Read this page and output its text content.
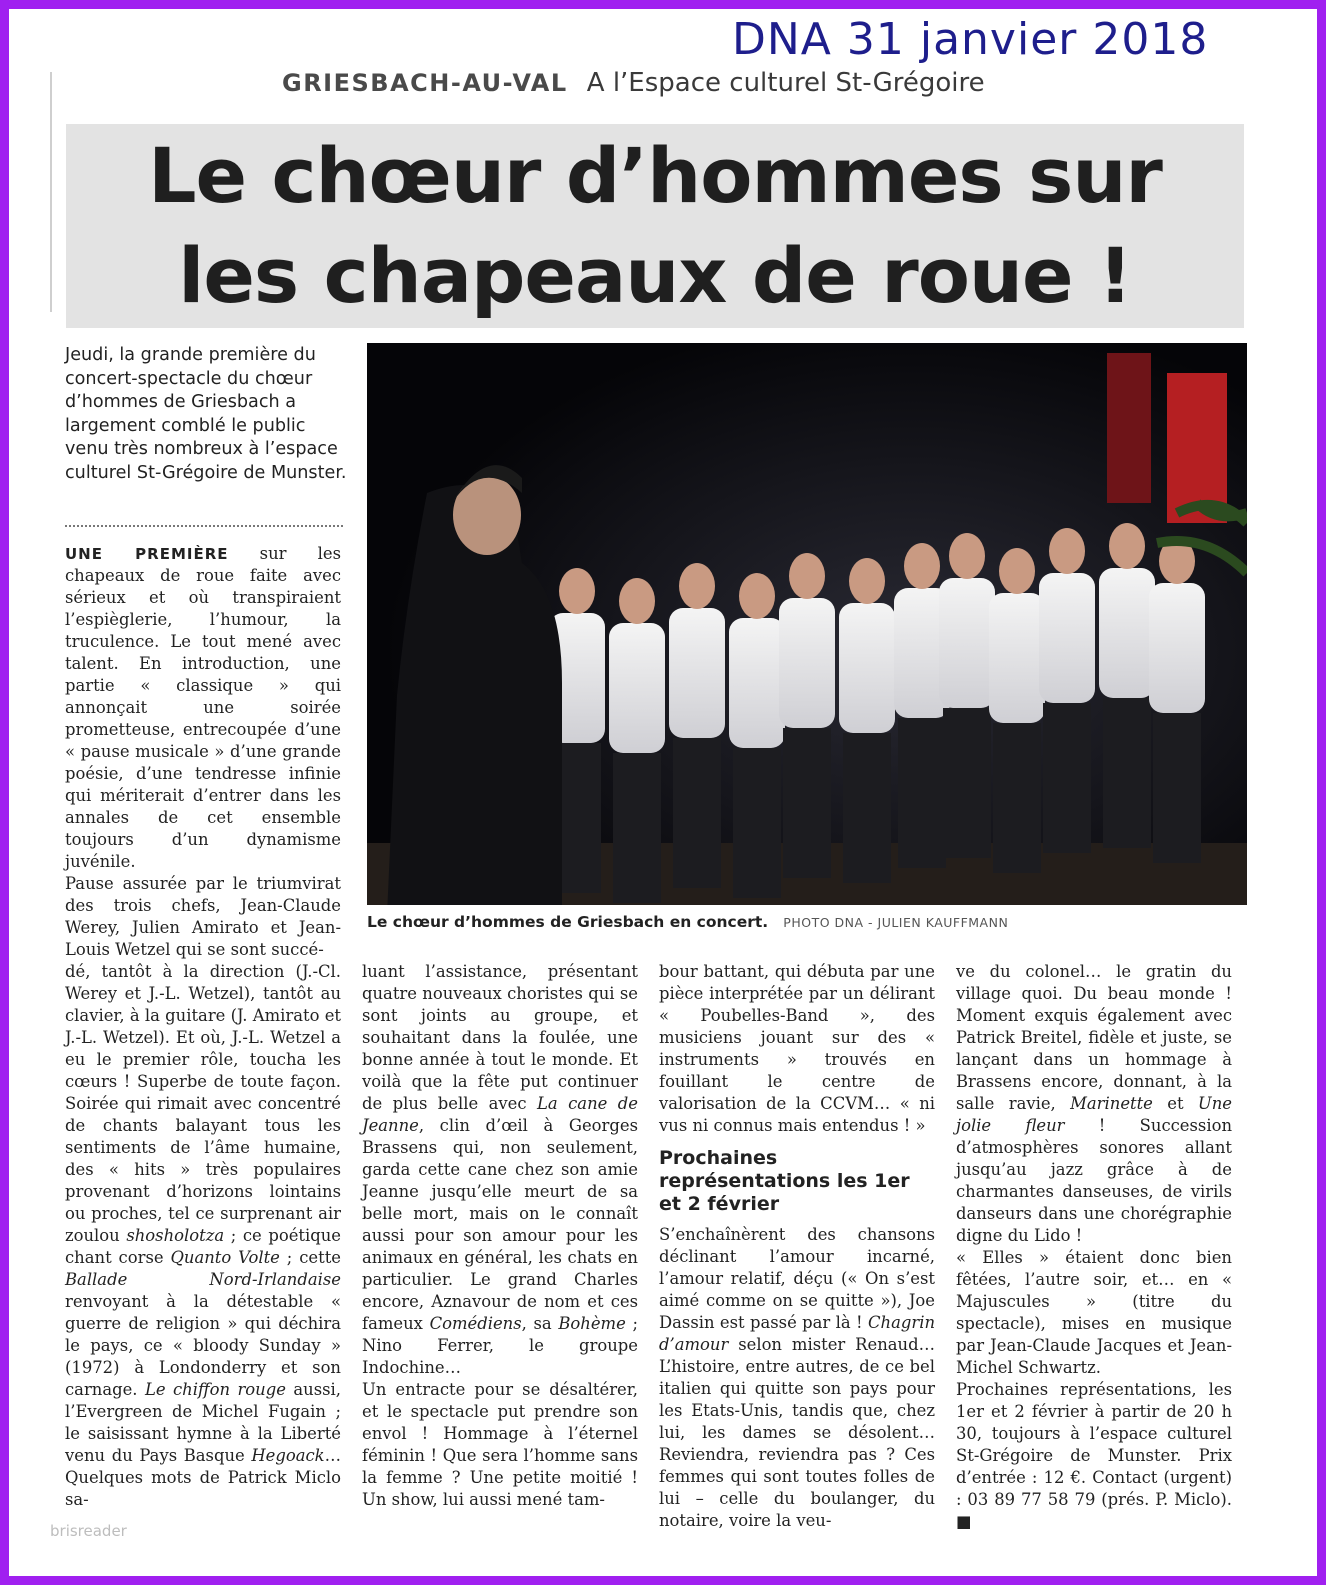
DNA 31 janvier 2018
GRIESBACH-AU-VAL A l’Espace culturel St-Grégoire
Le chœur d’hommes sur
les chapeaux de roue !
Jeudi, la grande première du concert-spectacle du chœur d’hommes de Griesbach a largement comblé le public venu très nombreux à l’espace culturel St-Grégoire de Munster.

UNE PREMIÈRE sur les chapeaux de roue faite avec sérieux et où transpiraient l’espièglerie, l’humour, la truculence. Le tout mené avec talent. En introduction, une partie « classique » qui annonçait une soirée prometteuse, entrecoupée d’une « pause musicale » d’une grande poésie, d’une tendresse infinie qui mériterait d’entrer dans les annales de cet ensemble toujours d’un dynamisme juvénile.

Pause assurée par le triumvirat des trois chefs, Jean-Claude Werey, Julien Amirato et Jean-Louis Wetzel qui se sont succé-

Le chœur d’hommes de Griesbach en concert. PHOTO DNA - JULIEN KAUFFMANN

dé, tantôt à la direction (J.-Cl. Werey et J.-L. Wetzel), tantôt au clavier, à la guitare (J. Amirato et J.-L. Wetzel). Et où, J.-L. Wetzel a eu le premier rôle, toucha les cœurs ! Superbe de toute façon. Soirée qui rimait avec concentré de chants balayant tous les sentiments de l’âme humaine, des « hits » très populaires provenant d’horizons lointains ou proches, tel ce surprenant air zoulou shosholotza ; ce poétique chant corse Quanto Volte ; cette Ballade Nord-Irlandaise renvoyant à la détestable « guerre de religion » qui déchira le pays, ce « bloody Sunday » (1972) à Londonderry et son carnage. Le chiffon rouge aussi, l’Evergreen de Michel Fugain ; le saisissant hymne à la Liberté venu du Pays Basque Hegoack… Quelques mots de Patrick Miclo sa-

luant l’assistance, présentant quatre nouveaux choristes qui se sont joints au groupe, et souhaitant dans la foulée, une bonne année à tout le monde. Et voilà que la fête put continuer de plus belle avec La cane de Jeanne, clin d’œil à Georges Brassens qui, non seulement, garda cette cane chez son amie Jeanne jusqu’elle meurt de sa belle mort, mais on le connaît aussi pour son amour pour les animaux en général, les chats en particulier. Le grand Charles encore, Aznavour de nom et ces fameux Comédiens, sa Bohème ; Nino Ferrer, le groupe Indochine…

Un entracte pour se désaltérer, et le spectacle put prendre son envol ! Hommage à l’éternel féminin ! Que sera l’homme sans la femme ? Une petite moitié ! Un show, lui aussi mené tam-

bour battant, qui débuta par une pièce interprétée par un délirant « Poubelles-Band », des musiciens jouant sur des « instruments » trouvés en fouillant le centre de valorisation de la CCVM… « ni vus ni connus mais entendus ! »

Prochaines représentations les 1er et 2 février

S’enchaînèrent des chansons déclinant l’amour incarné, l’amour relatif, déçu (« On s’est aimé comme on se quitte »), Joe Dassin est passé par là ! Chagrin d’amour selon mister Renaud… L’histoire, entre autres, de ce bel italien qui quitte son pays pour les Etats-Unis, tandis que, chez lui, les dames se désolent… Reviendra, reviendra pas ? Ces femmes qui sont toutes folles de lui – celle du boulanger, du notaire, voire la veu-

ve du colonel… le gratin du village quoi. Du beau monde ! Moment exquis également avec Patrick Breitel, fidèle et juste, se lançant dans un hommage à Brassens encore, donnant, à la salle ravie, Marinette et Une jolie fleur ! Succession d’atmosphères sonores allant jusqu’au jazz grâce à de charmantes danseuses, de virils danseurs dans une chorégraphie digne du Lido !

« Elles » étaient donc bien fêtées, l’autre soir, et… en « Majuscules » (titre du spectacle), mises en musique par Jean-Claude Jacques et Jean-Michel Schwartz.

Prochaines représentations, les 1er et 2 février à partir de 20 h 30, toujours à l’espace culturel St-Grégoire de Munster. Prix d’entrée : 12 €. Contact (urgent) : 03 89 77 58 79 (prés. P. Miclo). ■

brisreader
